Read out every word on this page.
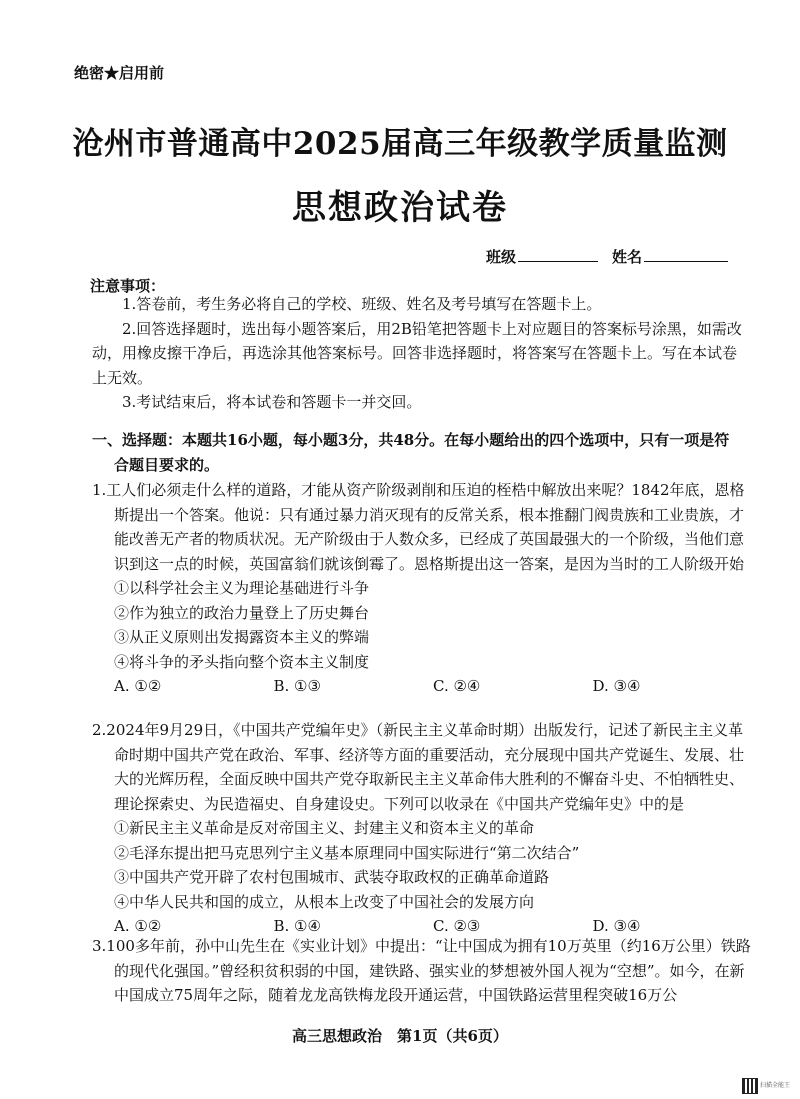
绝密★启用前
沧州市普通高中2025届高三年级教学质量监测
思想政治试卷
班级	姓名
注意事项：

1.答卷前，考生务必将自己的学校、班级、姓名及考号填写在答题卡上。

2.回答选择题时，选出每小题答案后，用2B铅笔把答题卡上对应题目的答案标号涂黑，如需改动，用橡皮擦干净后，再选涂其他答案标号。回答非选择题时，将答案写在答题卡上。写在本试卷上无效。

3.考试结束后，将本试卷和答题卡一并交回。

一、选择题：本题共16小题，每小题3分，共48分。在每小题给出的四个选项中，只有一项是符
合题目要求的。

1.工人们必须走什么样的道路，才能从资产阶级剥削和压迫的桎梏中解放出来呢？1842年底，恩格斯提出一个答案。他说：只有通过暴力消灭现有的反常关系，根本推翻门阀贵族和工业贵族，才能改善无产者的物质状况。无产阶级由于人数众多，已经成了英国最强大的一个阶级，当他们意识到这一点的时候，英国富翁们就该倒霉了。恩格斯提出这一答案，是因为当时的工人阶级开始

①以科学社会主义为理论基础进行斗争

②作为独立的政治力量登上了历史舞台

③从正义原则出发揭露资本主义的弊端

④将斗争的矛头指向整个资本主义制度

A. ①②	B. ①③	C. ②④	D. ③④

2.2024年9月29日，《中国共产党编年史》（新民主主义革命时期）出版发行，记述了新民主主义革命时期中国共产党在政治、军事、经济等方面的重要活动，充分展现中国共产党诞生、发展、壮大的光辉历程，全面反映中国共产党夺取新民主主义革命伟大胜利的不懈奋斗史、不怕牺牲史、理论探索史、为民造福史、自身建设史。下列可以收录在《中国共产党编年史》中的是

①新民主主义革命是反对帝国主义、封建主义和资本主义的革命

②毛泽东提出把马克思列宁主义基本原理同中国实际进行“第二次结合”

③中国共产党开辟了农村包围城市、武装夺取政权的正确革命道路

④中华人民共和国的成立，从根本上改变了中国社会的发展方向

A. ①②	B. ①④	C. ②③	D. ③④

3.100多年前，孙中山先生在《实业计划》中提出：“让中国成为拥有10万英里（约16万公里）铁路的现代化强国。”曾经积贫积弱的中国，建铁路、强实业的梦想被外国人视为“空想”。如今，在新中国成立75周年之际，随着龙龙高铁梅龙段开通运营，中国铁路运营里程突破16万公

高三思想政治　第1页（共6页）
扫描全能王
